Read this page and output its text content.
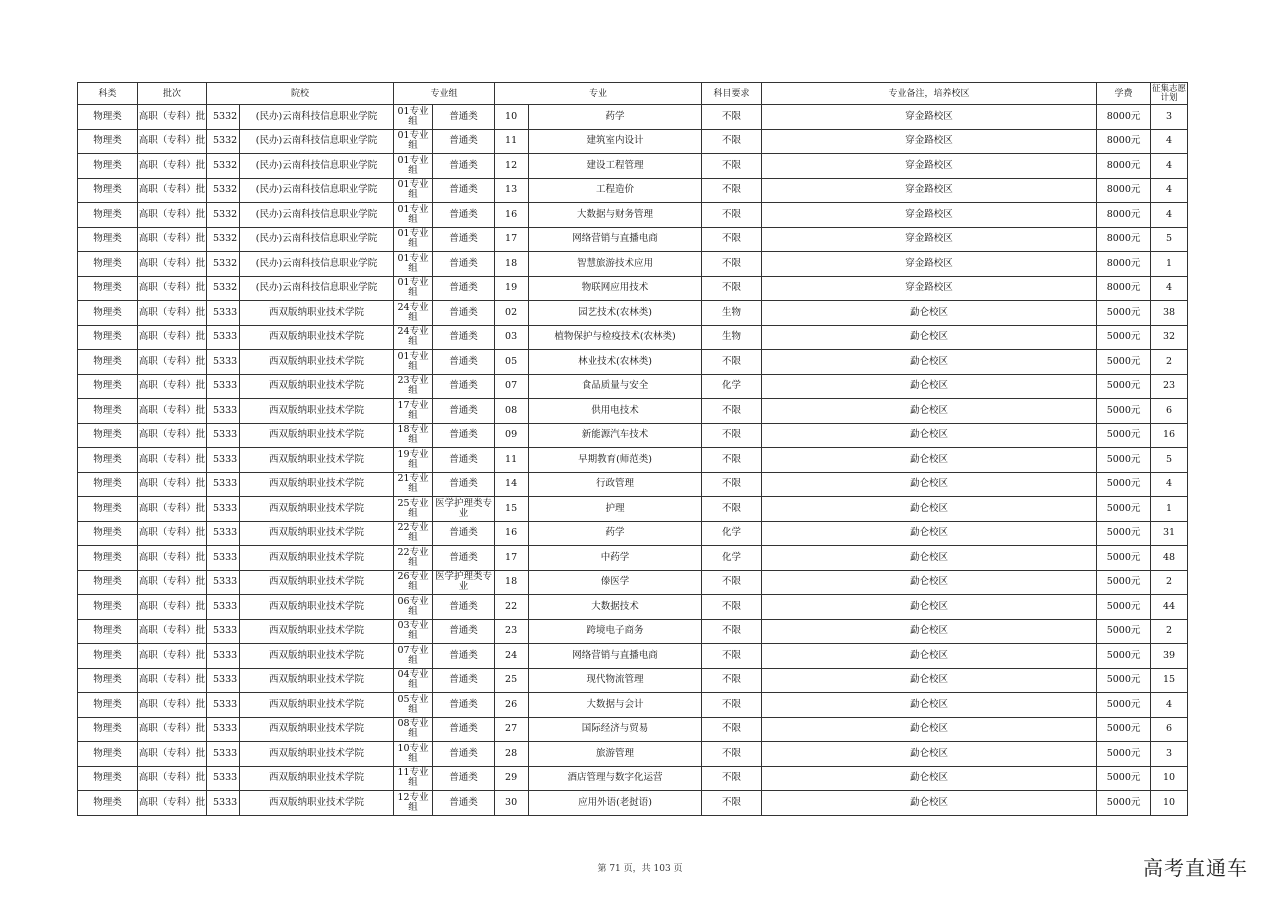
科类	批次	院校		专业组		专业		科目要求	专业备注，培养校区	学费	征集志愿计划
物理类	高职（专科）批	5332	(民办)云南科技信息职业学院	01专业组	普通类	10	药学	不限	穿金路校区	8000元	3
物理类	高职（专科）批	5332	(民办)云南科技信息职业学院	01专业组	普通类	11	建筑室内设计	不限	穿金路校区	8000元	4
物理类	高职（专科）批	5332	(民办)云南科技信息职业学院	01专业组	普通类	12	建设工程管理	不限	穿金路校区	8000元	4
物理类	高职（专科）批	5332	(民办)云南科技信息职业学院	01专业组	普通类	13	工程造价	不限	穿金路校区	8000元	4
物理类	高职（专科）批	5332	(民办)云南科技信息职业学院	01专业组	普通类	16	大数据与财务管理	不限	穿金路校区	8000元	4
物理类	高职（专科）批	5332	(民办)云南科技信息职业学院	01专业组	普通类	17	网络营销与直播电商	不限	穿金路校区	8000元	5
物理类	高职（专科）批	5332	(民办)云南科技信息职业学院	01专业组	普通类	18	智慧旅游技术应用	不限	穿金路校区	8000元	1
物理类	高职（专科）批	5332	(民办)云南科技信息职业学院	01专业组	普通类	19	物联网应用技术	不限	穿金路校区	8000元	4
物理类	高职（专科）批	5333	西双版纳职业技术学院	24专业组	普通类	02	园艺技术(农林类)	生物	勐仑校区	5000元	38
物理类	高职（专科）批	5333	西双版纳职业技术学院	24专业组	普通类	03	植物保护与检疫技术(农林类)	生物	勐仑校区	5000元	32
物理类	高职（专科）批	5333	西双版纳职业技术学院	01专业组	普通类	05	林业技术(农林类)	不限	勐仑校区	5000元	2
物理类	高职（专科）批	5333	西双版纳职业技术学院	23专业组	普通类	07	食品质量与安全	化学	勐仑校区	5000元	23
物理类	高职（专科）批	5333	西双版纳职业技术学院	17专业组	普通类	08	供用电技术	不限	勐仑校区	5000元	6
物理类	高职（专科）批	5333	西双版纳职业技术学院	18专业组	普通类	09	新能源汽车技术	不限	勐仑校区	5000元	16
物理类	高职（专科）批	5333	西双版纳职业技术学院	19专业组	普通类	11	早期教育(师范类)	不限	勐仑校区	5000元	5
物理类	高职（专科）批	5333	西双版纳职业技术学院	21专业组	普通类	14	行政管理	不限	勐仑校区	5000元	4
物理类	高职（专科）批	5333	西双版纳职业技术学院	25专业组	医学护理类专业	15	护理	不限	勐仑校区	5000元	1
物理类	高职（专科）批	5333	西双版纳职业技术学院	22专业组	普通类	16	药学	化学	勐仑校区	5000元	31
物理类	高职（专科）批	5333	西双版纳职业技术学院	22专业组	普通类	17	中药学	化学	勐仑校区	5000元	48
物理类	高职（专科）批	5333	西双版纳职业技术学院	26专业组	医学护理类专业	18	傣医学	不限	勐仑校区	5000元	2
物理类	高职（专科）批	5333	西双版纳职业技术学院	06专业组	普通类	22	大数据技术	不限	勐仑校区	5000元	44
物理类	高职（专科）批	5333	西双版纳职业技术学院	03专业组	普通类	23	跨境电子商务	不限	勐仑校区	5000元	2
物理类	高职（专科）批	5333	西双版纳职业技术学院	07专业组	普通类	24	网络营销与直播电商	不限	勐仑校区	5000元	39
物理类	高职（专科）批	5333	西双版纳职业技术学院	04专业组	普通类	25	现代物流管理	不限	勐仑校区	5000元	15
物理类	高职（专科）批	5333	西双版纳职业技术学院	05专业组	普通类	26	大数据与会计	不限	勐仑校区	5000元	4
物理类	高职（专科）批	5333	西双版纳职业技术学院	08专业组	普通类	27	国际经济与贸易	不限	勐仑校区	5000元	6
物理类	高职（专科）批	5333	西双版纳职业技术学院	10专业组	普通类	28	旅游管理	不限	勐仑校区	5000元	3
物理类	高职（专科）批	5333	西双版纳职业技术学院	11专业组	普通类	29	酒店管理与数字化运营	不限	勐仑校区	5000元	10
物理类	高职（专科）批	5333	西双版纳职业技术学院	12专业组	普通类	30	应用外语(老挝语)	不限	勐仑校区	5000元	10
第 71 页，共 103 页	高考直通车
